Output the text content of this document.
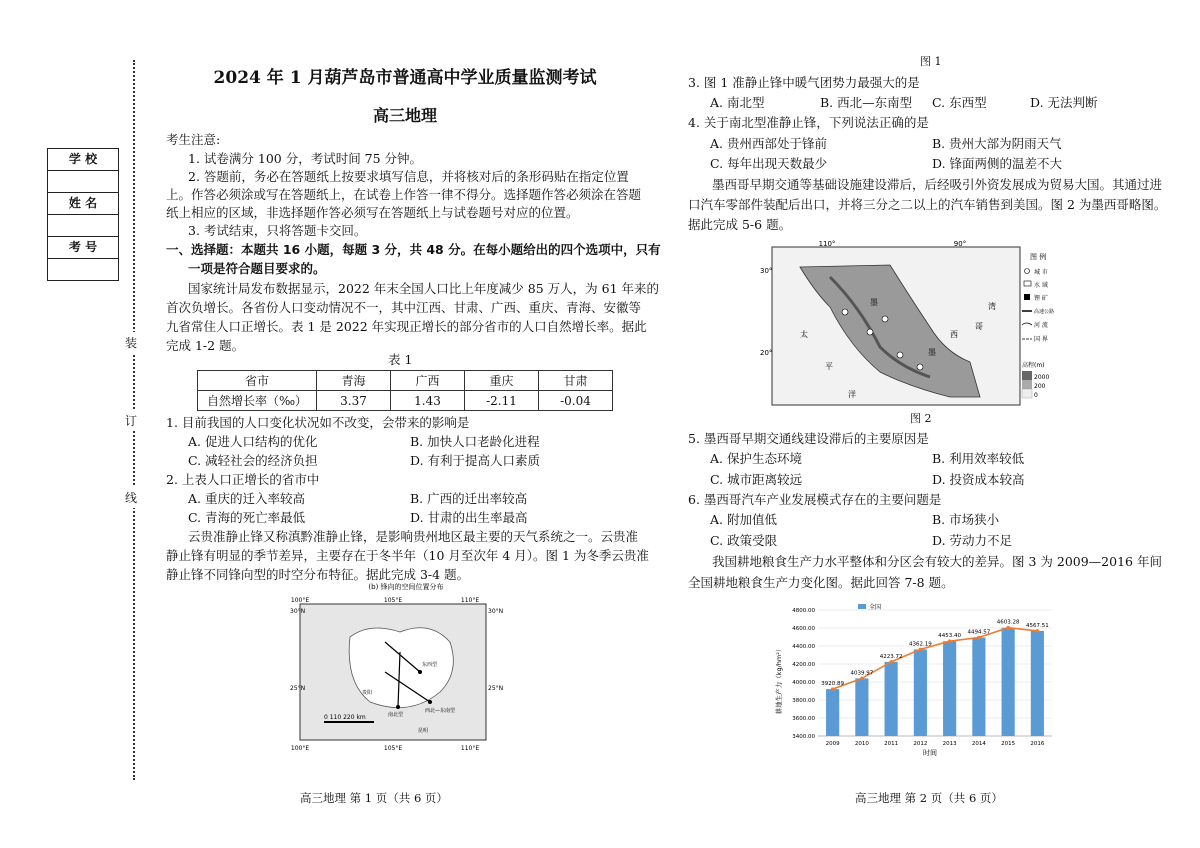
装
订
线
学 校
姓 名
考 号
2024 年 1 月葫芦岛市普通高中学业质量监测考试
高三地理
考生注意:
1. 试卷满分 100 分，考试时间 75 分钟。
2. 答题前，务必在答题纸上按要求填写信息，并将核对后的条形码贴在指定位置
上。作答必须涂或写在答题纸上，在试卷上作答一律不得分。选择题作答必须涂在答题
纸上相应的区域，非选择题作答必须写在答题纸上与试卷题号对应的位置。
3. 考试结束，只将答题卡交回。
一、选择题：本题共 16 小题，每题 3 分，共 48 分。在每小题给出的四个选项中，只有
一项是符合题目要求的。
国家统计局发布数据显示，2022 年末全国人口比上年度减少 85 万人，为 61 年来的
首次负增长。各省份人口变动情况不一，其中江西、甘肃、广西、重庆、青海、安徽等
九省常住人口正增长。表 1 是 2022 年实现正增长的部分省市的人口自然增长率。据此
完成 1-2 题。
表 1
省市	青海	广西	重庆	甘肃
自然增长率（‰）	3.37	1.43	-2.11	-0.04
1. 目前我国的人口变化状况如不改变，会带来的影响是
A. 促进人口结构的优化	B. 加快人口老龄化进程
C. 减轻社会的经济负担	D. 有利于提高人口素质
2. 上表人口正增长的省市中
A. 重庆的迁入率较高	B. 广西的迁出率较高
C. 青海的死亡率最低	D. 甘肃的出生率最高
云贵准静止锋又称滇黔准静止锋，是影响贵州地区最主要的天气系统之一。云贵准
静止锋有明显的季节差异，主要存在于冬半年（10 月至次年 4 月）。图 1 为冬季云贵准
静止锋不同锋向型的时空分布特征。据此完成 3-4 题。
(b) 锋向的空间位置分布
东西型
南北型
西北—东南型
贵阳
昆明
100°E	105°E	110°E
100°E	105°E	110°E
30°N	30°N
25°N	25°N
0 110 220 km
高三地理 第 1 页（共 6 页）
图 1
3. 图 1 准静止锋中暖气团势力最强大的是
A. 南北型	B. 西北—东南型 C. 东西型	D. 无法判断
4. 关于南北型准静止锋，下列说法正确的是
A. 贵州西部处于锋前	B. 贵州大部为阴雨天气
C. 每年出现天数最少	D. 锋面两侧的温差不大
墨西哥早期交通等基础设施建设滞后，后经吸引外资发展成为贸易大国。其通过进
口汽车零部件装配后出口，并将三分之二以上的汽车销售到美国。图 2 为墨西哥略图。
据此完成 5-6 题。
110°	90°
30°
20°
太
平
洋
湾
哥
墨
西
墨
图 例
城 市
水 域
锂 矿
高速公路
河 流
国 界
高程(m)
2000
200
0
图 2
5. 墨西哥早期交通线建设滞后的主要原因是
A. 保护生态环境	B. 利用效率较低
C. 城市距离较远	D. 投资成本较高
6. 墨西哥汽车产业发展模式存在的主要问题是
A. 附加值低	B. 市场狭小
C. 政策受限	D. 劳动力不足
我国耕地粮食生产力水平整体和分区会有较大的差异。图 3 为 2009—2016 年间
全国耕地粮食生产力变化图。据此回答 7-8 题。
3400.00
3600.00
3800.00
4000.00
4200.00
4400.00
4600.00
4800.00
3920.89
2009
4039.97
2010
4223.72
2011
4362.19
2012
4453.40
2013
4494.57
2014
4603.28
2015
4567.51
2016
全国
时间
耕地生产力（kg/hm²）
高三地理 第 2 页（共 6 页）
